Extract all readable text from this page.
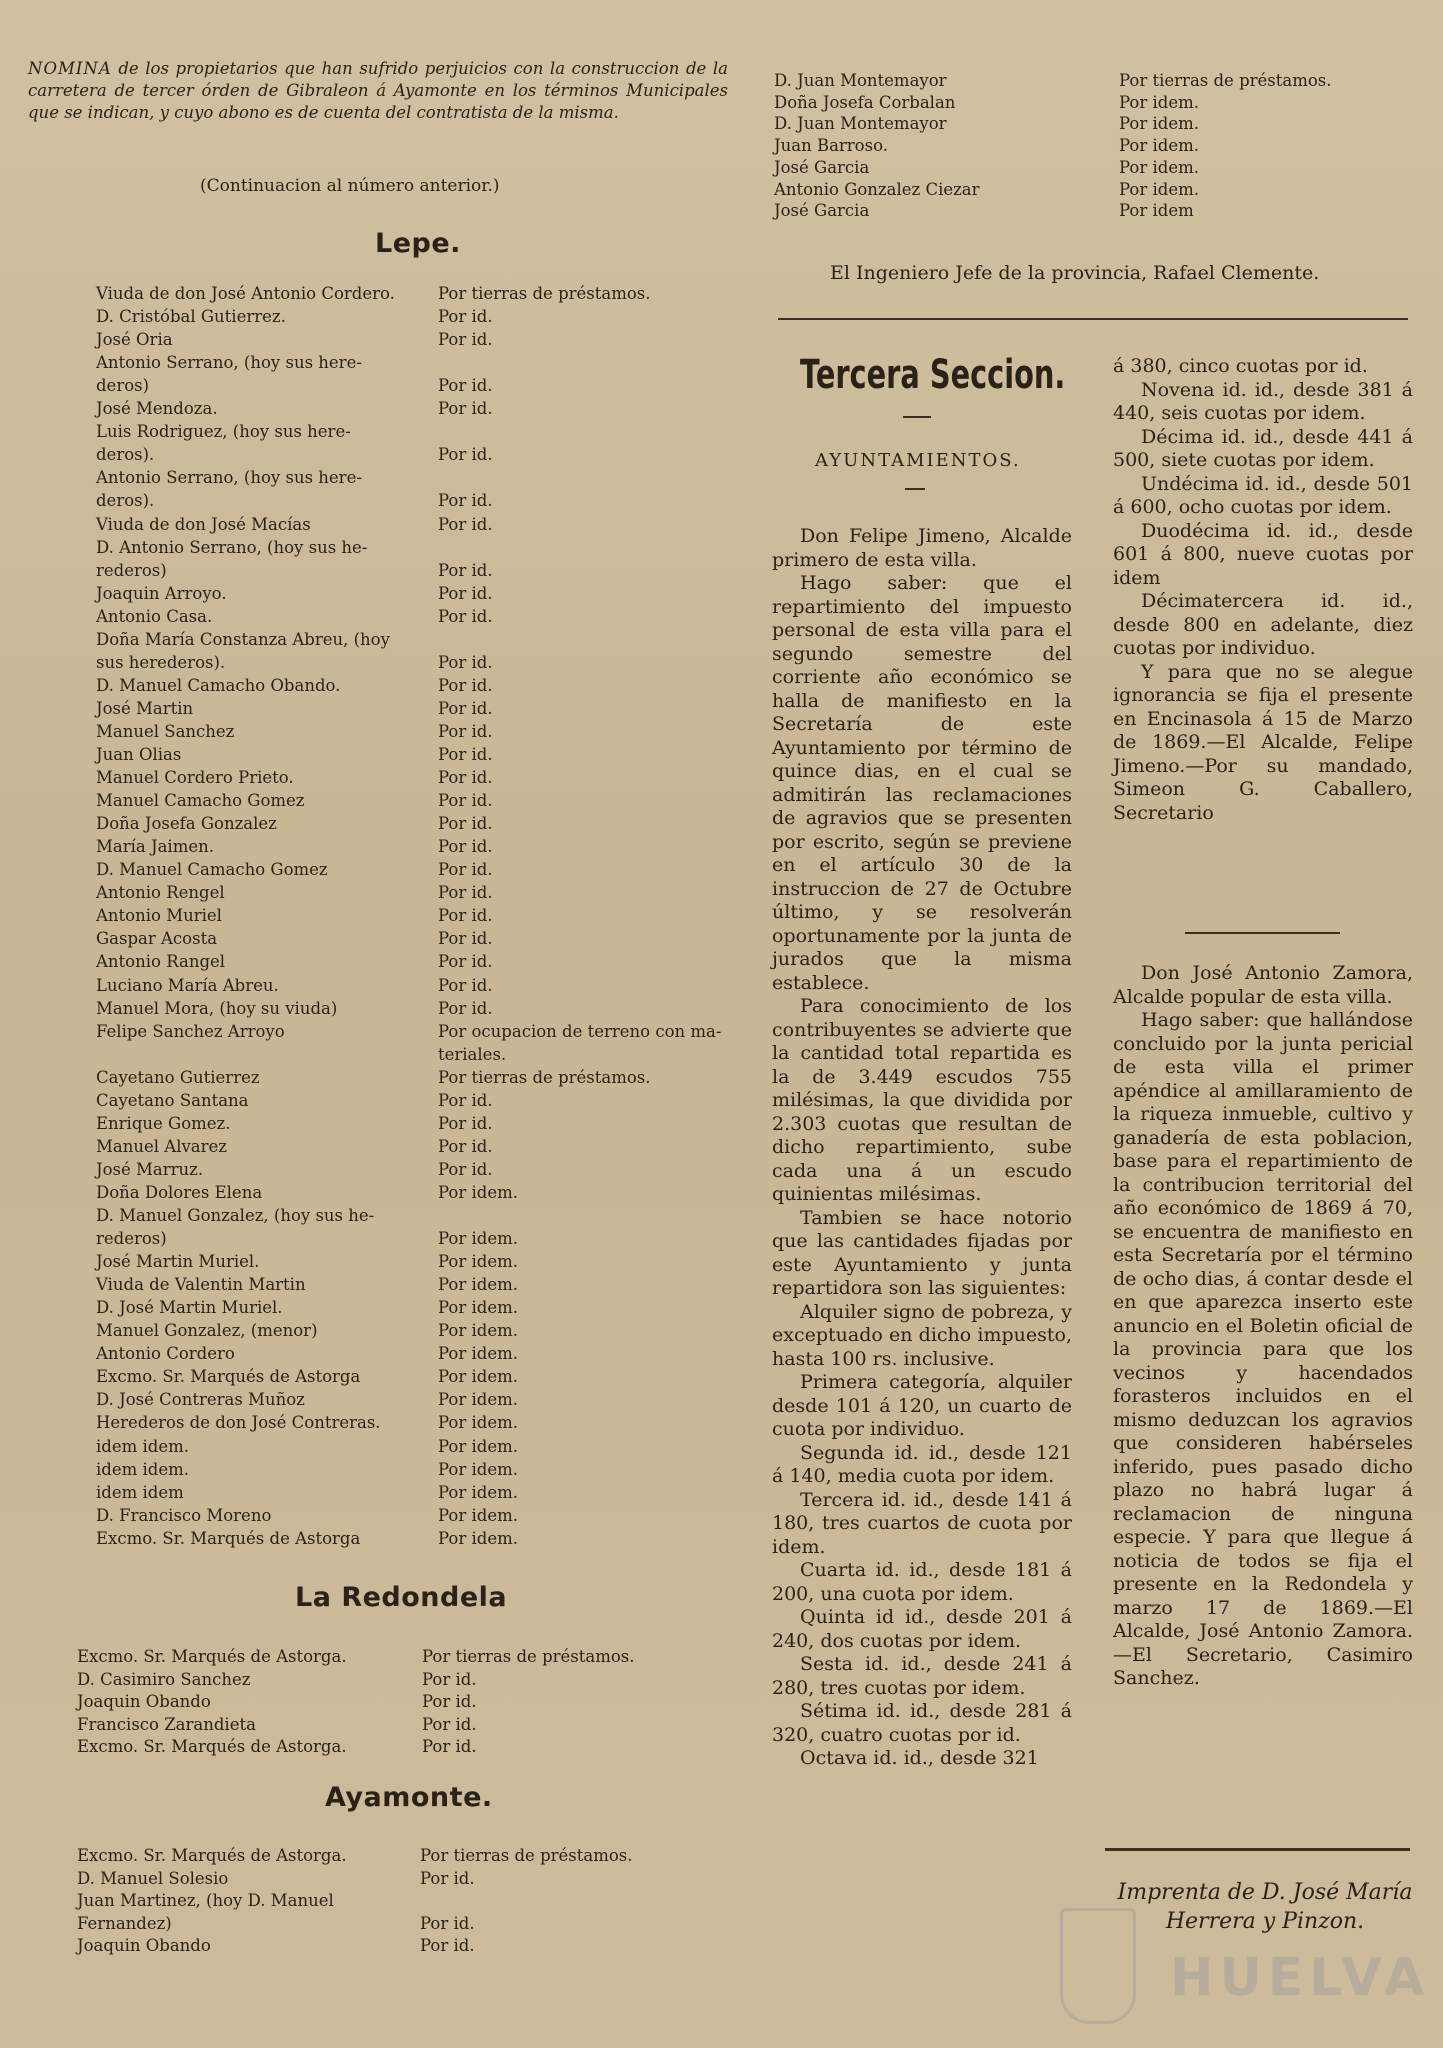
NOMINA de los propietarios que han sufrido perjuicios con la construccion de la carretera de tercer órden de Gibraleon á Ayamonte en los términos Municipales que se indican, y cuyo abono es de cuenta del contratista de la misma.
(Continuacion al número anterior.)
Lepe.
Viuda de don José Antonio Cordero.	Por tierras de préstamos.
D. Cristóbal Gutierrez.	Por id.
José Oria	Por id.
Antonio Serrano, (hoy sus here-
deros)	Por id.
José Mendoza.	Por id.
Luis Rodriguez, (hoy sus here-
deros).	Por id.
Antonio Serrano, (hoy sus here-
deros).	Por id.
Viuda de don José Macías	Por id.
D. Antonio Serrano, (hoy sus he-
rederos)	Por id.
Joaquin Arroyo.	Por id.
Antonio Casa.	Por id.
Doña María Constanza Abreu, (hoy
sus herederos).	Por id.
D. Manuel Camacho Obando.	Por id.
José Martin	Por id.
Manuel Sanchez	Por id.
Juan Olias	Por id.
Manuel Cordero Prieto.	Por id.
Manuel Camacho Gomez	Por id.
Doña Josefa Gonzalez	Por id.
María Jaimen.	Por id.
D. Manuel Camacho Gomez	Por id.
Antonio Rengel	Por id.
Antonio Muriel	Por id.
Gaspar Acosta	Por id.
Antonio Rangel	Por id.
Luciano María Abreu.	Por id.
Manuel Mora, (hoy su viuda)	Por id.
Felipe Sanchez Arroyo	Por ocupacion de terreno con ma-
teriales.
Cayetano Gutierrez	Por tierras de préstamos.
Cayetano Santana	Por id.
Enrique Gomez.	Por id.
Manuel Alvarez	Por id.
José Marruz.	Por id.
Doña Dolores Elena	Por idem.
D. Manuel Gonzalez, (hoy sus he-
rederos)	Por idem.
José Martin Muriel.	Por idem.
Viuda de Valentin Martin	Por idem.
D. José Martin Muriel.	Por idem.
Manuel Gonzalez, (menor)	Por idem.
Antonio Cordero	Por idem.
Excmo. Sr. Marqués de Astorga	Por idem.
D. José Contreras Muñoz	Por idem.
Herederos de don José Contreras.	Por idem.
idem idem.	Por idem.
idem idem.	Por idem.
idem idem	Por idem.
D. Francisco Moreno	Por idem.
Excmo. Sr. Marqués de Astorga	Por idem.
La Redondela
Excmo. Sr. Marqués de Astorga.	Por tierras de préstamos.
D. Casimiro Sanchez	Por id.
Joaquin Obando	Por id.
Francisco Zarandieta	Por id.
Excmo. Sr. Marqués de Astorga.	Por id.
Ayamonte.
Excmo. Sr. Marqués de Astorga.	Por tierras de préstamos.
D. Manuel Solesio	Por id.
Juan Martinez, (hoy D. Manuel
Fernandez)	Por id.
Joaquin Obando	Por id.
D. Juan Montemayor	Por tierras de préstamos.
Doña Josefa Corbalan	Por idem.
D. Juan Montemayor	Por idem.
Juan Barroso.	Por idem.
José Garcia	Por idem.
Antonio Gonzalez Ciezar	Por idem.
José Garcia	Por idem
El Ingeniero Jefe de la provincia, Rafael Clemente.
Tercera Seccion.
AYUNTAMIENTOS.

Don Felipe Jimeno, Alcalde primero de esta villa.

Hago saber: que el repartimiento del impuesto personal de esta villa para el segundo semestre del corriente año económico se halla de manifiesto en la Secretaría de este Ayuntamiento por término de quince dias, en el cual se admitirán las reclamaciones de agravios que se presenten por escrito, según se previene en el artículo 30 de la instruccion de 27 de Octubre último, y se resolverán oportunamente por la junta de jurados que la misma establece.

Para conocimiento de los contribuyentes se advierte que la cantidad total repartida es la de 3.449 escudos 755 milésimas, la que dividida por 2.303 cuotas que resultan de dicho repartimiento, sube cada una á un escudo quinientas milésimas.

Tambien se hace notorio que las cantidades fijadas por este Ayuntamiento y junta repartidora son las siguientes:

Alquiler signo de pobreza, y exceptuado en dicho impuesto, hasta 100 rs. inclusive.

Primera categoría, alquiler desde 101 á 120, un cuarto de cuota por individuo.

Segunda id. id., desde 121 á 140, media cuota por idem.

Tercera id. id., desde 141 á 180, tres cuartos de cuota por idem.

Cuarta id. id., desde 181 á 200, una cuota por idem.

Quinta id id., desde 201 á 240, dos cuotas por idem.

Sesta id. id., desde 241 á 280, tres cuotas por idem.

Sétima id. id., desde 281 á 320, cuatro cuotas por id.

Octava id. id., desde 321

á 380, cinco cuotas por id.

Novena id. id., desde 381 á 440, seis cuotas por idem.

Décima id. id., desde 441 á 500, siete cuotas por idem.

Undécima id. id., desde 501 á 600, ocho cuotas por idem.

Duodécima id. id., desde 601 á 800, nueve cuotas por idem

Décimatercera id. id., desde 800 en adelante, diez cuotas por individuo.

Y para que no se alegue ignorancia se fija el presente en Encinasola á 15 de Marzo de 1869.—El Alcalde, Felipe Jimeno.—Por su mandado, Simeon G. Caballero, Secretario

Don José Antonio Zamora, Alcalde popular de esta villa.

Hago saber: que hallándose concluido por la junta pericial de esta villa el primer apéndice al amillaramiento de la riqueza inmueble, cultivo y ganadería de esta poblacion, base para el repartimiento de la contribucion territorial del año económico de 1869 á 70, se encuentra de manifiesto en esta Secretaría por el término de ocho dias, á contar desde el en que aparezca inserto este anuncio en el Boletin oficial de la provincia para que los vecinos y hacendados forasteros incluidos en el mismo deduzcan los agravios que consideren habérseles inferido, pues pasado dicho plazo no habrá lugar á reclamacion de ninguna especie. Y para que llegue á noticia de todos se fija el presente en la Redondela y marzo 17 de 1869.—El Alcalde, José Antonio Zamora.—El Secretario, Casimiro Sanchez.

Imprenta de D. José María Herrera y Pinzon.
HUELVA
